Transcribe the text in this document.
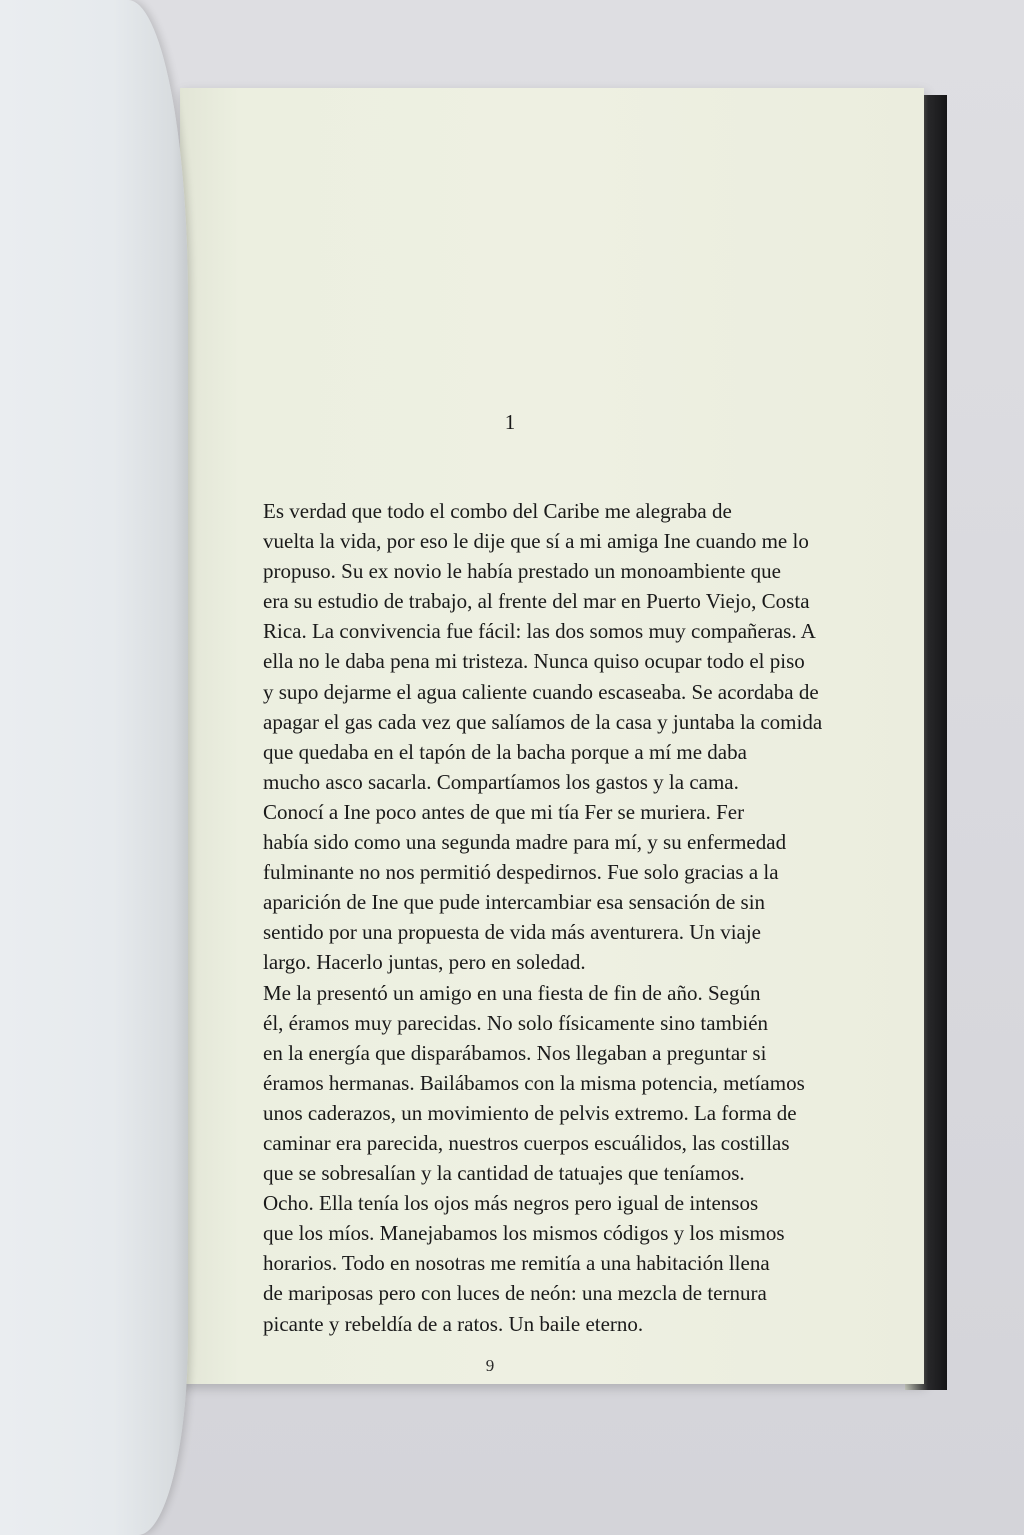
1

Es verdad que todo el combo del Caribe me alegraba de
vuelta la vida, por eso le dije que sí a mi amiga Ine cuando me lo
propuso. Su ex novio le había prestado un monoambiente que
era su estudio de trabajo, al frente del mar en Puerto Viejo, Costa
Rica. La convivencia fue fácil: las dos somos muy compañeras. A
ella no le daba pena mi tristeza. Nunca quiso ocupar todo el piso
y supo dejarme el agua caliente cuando escaseaba. Se acordaba de
apagar el gas cada vez que salíamos de la casa y juntaba la comida
que quedaba en el tapón de la bacha porque a mí me daba
mucho asco sacarla. Compartíamos los gastos y la cama.

Conocí a Ine poco antes de que mi tía Fer se muriera. Fer
había sido como una segunda madre para mí, y su enfermedad
fulminante no nos permitió despedirnos. Fue solo gracias a la
aparición de Ine que pude intercambiar esa sensación de sin
sentido por una propuesta de vida más aventurera. Un viaje
largo. Hacerlo juntas, pero en soledad.

Me la presentó un amigo en una fiesta de fin de año. Según
él, éramos muy parecidas. No solo físicamente sino también
en la energía que disparábamos. Nos llegaban a preguntar si
éramos hermanas. Bailábamos con la misma potencia, metíamos
unos caderazos, un movimiento de pelvis extremo. La forma de
caminar era parecida, nuestros cuerpos escuálidos, las costillas
que se sobresalían y la cantidad de tatuajes que teníamos.
Ocho. Ella tenía los ojos más negros pero igual de intensos
que los míos. Manejabamos los mismos códigos y los mismos
horarios. Todo en nosotras me remitía a una habitación llena
de mariposas pero con luces de neón: una mezcla de ternura
picante y rebeldía de a ratos. Un baile eterno.

9
